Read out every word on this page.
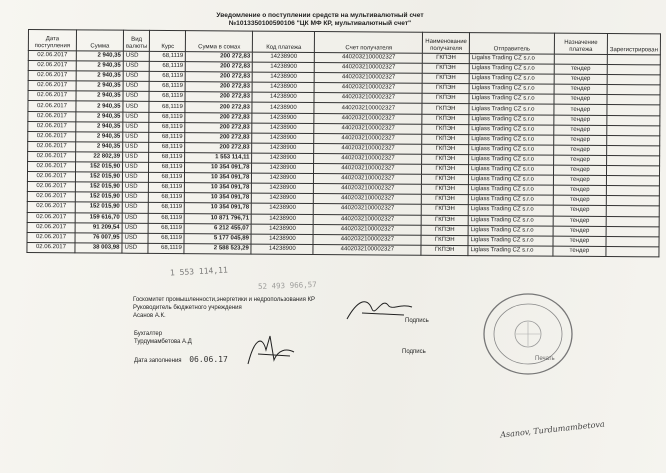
Уведомление о поступлении средств на мультивалютный счет
№1013350100590106 "ЦК МФ КР, мультивалютный счет"
Дата поступления	Сумма	Вид валюты	Курс	Сумма в сомах	Код платежа	Счет получателя	Наименование получателя	Отправитель	Назначение платежа	Зарегистрирован
02.06.2017	2 940,35	USD	68,1119	200 272,83	14238900	4402032100002327	ГКПЭН	Ligalss Trading CZ s.r.o		
02.06.2017	2 940,35	USD	68,1119	200 272,83	14238900	4402032100002327	ГКПЭН	Liglass Trading CZ s.r.o	тендер	
02.06.2017	2 940,35	USD	68,1119	200 272,83	14238900	4402032100002327	ГКПЭН	Liglass Trading CZ s.r.o	тендер	
02.06.2017	2 940,35	USD	68,1119	200 272,83	14238900	4402032100002327	ГКПЭН	Liglass Trading CZ s.r.o	тендер	
02.06.2017	2 940,35	USD	68,1119	200 272,83	14238900	4402032100002327	ГКПЭН	Liglass Trading CZ s.r.o	тендер	
02.06.2017	2 940,35	USD	68,1119	200 272,83	14238900	4402032100002327	ГКПЭН	Liglass Trading CZ s.r.o	тендер	
02.06.2017	2 940,35	USD	68,1119	200 272,83	14238900	4402032100002327	ГКПЭН	Liglass Trading CZ s.r.o	тендер	
02.06.2017	2 940,35	USD	68,1119	200 272,83	14238900	4402032100002327	ГКПЭН	Liglass Trading CZ s.r.o	тендер	
02.06.2017	2 940,35	USD	68,1119	200 272,83	14238900	4402032100002327	ГКПЭН	Liglass Trading CZ s.r.o	тендер	
02.06.2017	2 940,35	USD	68,1119	200 272,83	14238900	4402032100002327	ГКПЭН	Liglass Trading CZ s.r.o	тендер	
02.06.2017	22 802,39	USD	68,1119	1 553 114,11	14238900	4402032100002327	ГКПЭН	Liglass Trading CZ s.r.o	тендер	
02.06.2017	152 015,90	USD	68,1119	10 354 091,78	14238900	4402032100002327	ГКПЭН	Liglass Trading CZ s.r.o	тендер	
02.06.2017	152 015,90	USD	68,1119	10 354 091,78	14238900	4402032100002327	ГКПЭН	Liglass Trading CZ s.r.o	тендер	
02.06.2017	152 015,90	USD	68,1119	10 354 091,78	14238900	4402032100002327	ГКПЭН	Liglass Trading CZ s.r.o	тендер	
02.06.2017	152 015,90	USD	68,1119	10 354 091,78	14238900	4402032100002327	ГКПЭН	Liglass Trading CZ s.r.o	тендер	
02.06.2017	152 015,90	USD	68,1119	10 354 091,78	14238900	4402032100002327	ГКПЭН	Liglass Trading CZ s.r.o	тендер	
02.06.2017	159 616,70	USD	68,1119	10 871 796,71	14238900	4402032100002327	ГКПЭН	Liglass Trading CZ s.r.o	тендер	
02.06.2017	91 209,54	USD	68,1119	6 212 455,07	14238900	4402032100002327	ГКПЭН	Liglass Trading CZ s.r.o	тендер	
02.06.2017	76 007,95	USD	68,1119	5 177 045,89	14238900	4402032100002327	ГКПЭН	Liglass Trading CZ s.r.o	тендер	
02.06.2017	38 003,98	USD	68,1119	2 588 523,29	14238900	4402032100002327	ГКПЭН	Liglass Trading CZ s.r.o	тендер	
1 553 114,11
52 493 966,57
Госкомитет промышленности,энергетики и недропользования КР
Руководитель бюджетного учреждения
Асанов А.К.
Подпись
Бухгалтер
Турдумамбетова А.Д
Подпись
Дата заполнения 06.06.17	Печать
Asanov, Turdumambetova
